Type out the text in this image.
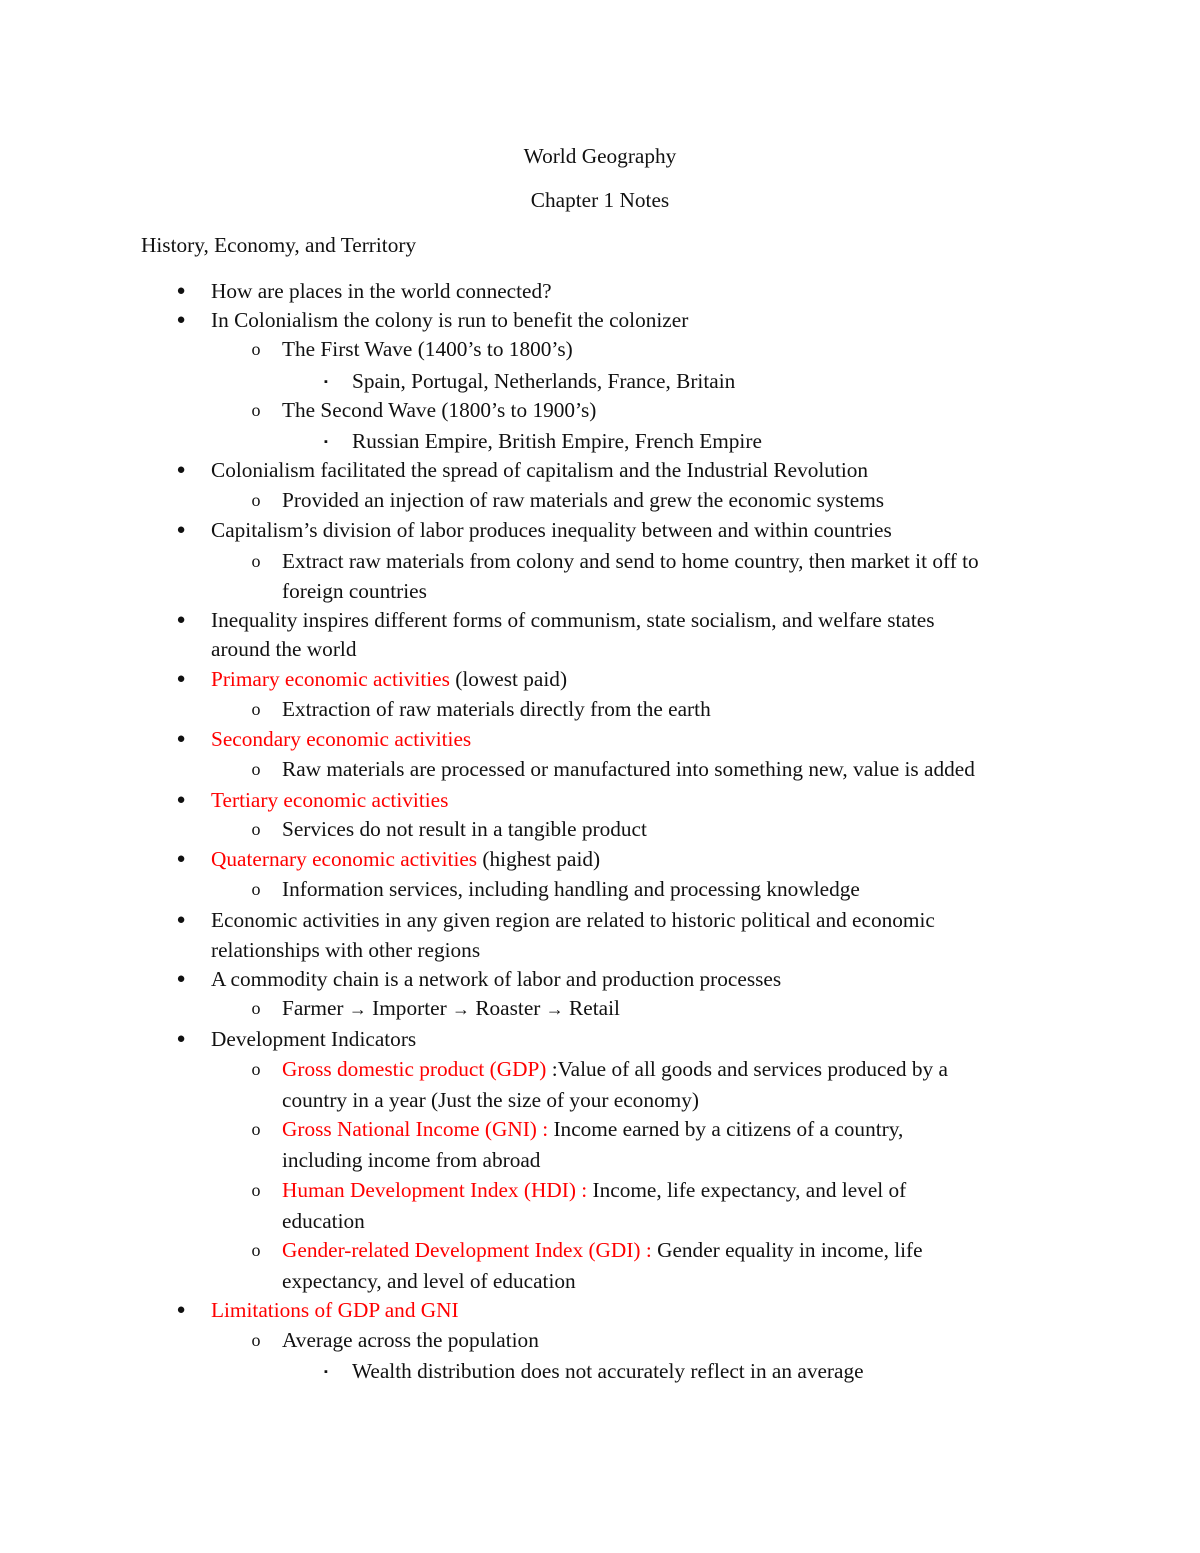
World Geography
Chapter 1 Notes
History, Economy, and Territory
● How are places in the world connected?
● In Colonialism the colony is run to benefit the colonizer
o The First Wave (1400’s to 1800’s)
▪	Spain, Portugal, Netherlands, France, Britain
o The Second Wave (1800’s to 1900’s)
▪	Russian Empire, British Empire, French Empire
● Colonialism facilitated the spread of capitalism and the Industrial Revolution
o Provided an injection of raw materials and grew the economic systems
● Capitalism’s division of labor produces inequality between and within countries
o Extract raw materials from colony and send to home country, then market it off to
foreign countries
● Inequality inspires different forms of communism, state socialism, and welfare states
around the world
● Primary economic activities (lowest paid)
o Extraction of raw materials directly from the earth
● Secondary economic activities
o Raw materials are processed or manufactured into something new, value is added
● Tertiary economic activities
o Services do not result in a tangible product
● Quaternary economic activities (highest paid)
o Information services, including handling and processing knowledge
● Economic activities in any given region are related to historic political and economic
relationships with other regions
● A commodity chain is a network of labor and production processes
o Farmer → Importer → Roaster → Retail
● Development Indicators
o Gross domestic product (GDP) :Value of all goods and services produced by a
country in a year (Just the size of your economy)
o Gross National Income (GNI) : Income earned by a citizens of a country,
including income from abroad
o Human Development Index (HDI) : Income, life expectancy, and level of
education
o Gender-related Development Index (GDI) : Gender equality in income, life
expectancy, and level of education
● Limitations of GDP and GNI
o Average across the population
▪	Wealth distribution does not accurately reflect in an average
